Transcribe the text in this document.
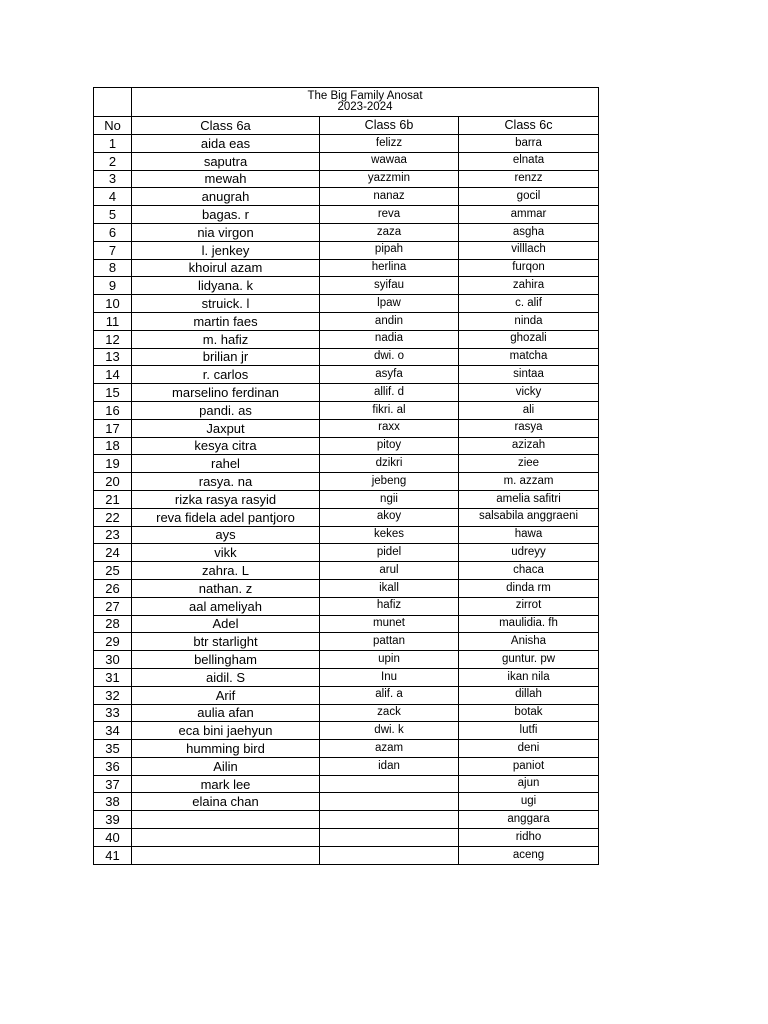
	The Big Family Anosat
2023-2024		

No	Class 6a	Class 6b	Class 6c
1	aida eas	felizz	barra
2	saputra	wawaa	elnata
3	mewah	yazzmin	renzz
4	anugrah	nanaz	gocil
5	bagas. r	reva	ammar
6	nia virgon	zaza	asgha
7	l. jenkey	pipah	villlach
8	khoirul azam	herlina	furqon
9	lidyana. k	syifau	zahira
10	struick. l	lpaw	c. alif
11	martin faes	andin	ninda
12	m. hafiz	nadia	ghozali
13	brilian jr	dwi. o	matcha
14	r. carlos	asyfa	sintaa
15	marselino ferdinan	allif. d	vicky
16	pandi. as	fikri. al	ali
17	Jaxput	raxx	rasya
18	kesya citra	pitoy	azizah
19	rahel	dzikri	ziee
20	rasya. na	jebeng	m. azzam
21	rizka rasya rasyid	ngii	amelia safitri
22	reva fidela adel pantjoro	akoy	salsabila anggraeni
23	ays	kekes	hawa
24	vikk	pidel	udreyy
25	zahra. L	arul	chaca
26	nathan. z	ikall	dinda rm
27	aal ameliyah	hafiz	zirrot
28	Adel	munet	maulidia. fh
29	btr starlight	pattan	Anisha
30	bellingham	upin	guntur. pw
31	aidil. S	Inu	ikan nila
32	Arif	alif. a	dillah
33	aulia afan	zack	botak
34	eca bini jaehyun	dwi. k	lutfi
35	humming bird	azam	deni
36	Ailin	idan	paniot
37	mark lee		ajun
38	elaina chan		ugi
39			anggara
40			ridho
41			aceng
